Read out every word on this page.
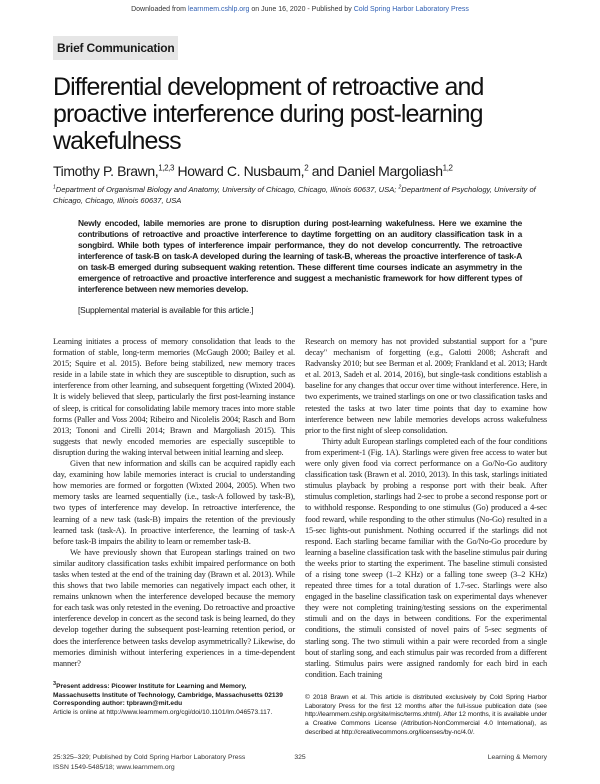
Downloaded from learnmem.cshlp.org on June 16, 2020 - Published by Cold Spring Harbor Laboratory Press
Brief Communication
Differential development of retroactive and proactive interference during post-learning wakefulness
Timothy P. Brawn,$^{1,2,3}$ Howard C. Nusbaum,$^2$ and Daniel Margoliash$^{1,2}$
$^1$Department of Organismal Biology and Anatomy, University of Chicago, Chicago, Illinois 60637, USA; $^2$Department of Psychology, University of Chicago, Chicago, Illinois 60637, USA
Newly encoded, labile memories are prone to disruption during post-learning wakefulness. Here we examine the contributions of retroactive and proactive interference to daytime forgetting on an auditory classification task in a songbird. While both types of interference impair performance, they do not develop concurrently. The retroactive interference of task-B on task-A developed during the learning of task-B, whereas the proactive interference of task-A on task-B emerged during subsequent waking retention. These different time courses indicate an asymmetry in the emergence of retroactive and proactive interference and suggest a mechanistic framework for how different types of interference between new memories develop.
[Supplemental material is available for this article.]

Learning initiates a process of memory consolidation that leads to the formation of stable, long-term memories (McGaugh 2000; Bailey et al. 2015; Squire et al. 2015). Before being stabilized, new memory traces reside in a labile state in which they are susceptible to disruption, such as interference from other learning, and subsequent forgetting (Wixted 2004). It is widely believed that sleep, particularly the first post-learning instance of sleep, is critical for consolidating labile memory traces into more stable forms (Paller and Voss 2004; Ribeiro and Nicolelis 2004; Rasch and Born 2013; Tononi and Cirelli 2014; Brawn and Margoliash 2015). This suggests that newly encoded memories are especially susceptible to disruption during the waking interval between initial learning and sleep.

Given that new information and skills can be acquired rapidly each day, examining how labile memories interact is crucial to understanding how memories are formed or forgotten (Wixted 2004, 2005). When two memory tasks are learned sequentially (i.e., task-A followed by task-B), two types of interference may develop. In retroactive interference, the learning of a new task (task-B) impairs the retention of the previously learned task (task-A). In proactive interference, the learning of task-A before task-B impairs the ability to learn or remember task-B.

We have previously shown that European starlings trained on two similar auditory classification tasks exhibit impaired performance on both tasks when tested at the end of the training day (Brawn et al. 2013). While this shows that two labile memories can negatively impact each other, it remains unknown when the interference developed because the memory for each task was only retested in the evening. Do retroactive and proactive interference develop in concert as the second task is being learned, do they develop together during the subsequent post-learning retention period, or does the interference between tasks develop asymmetrically? Likewise, do memories diminish without interfering experiences in a time-dependent manner?

$^3$Present address: Picower Institute for Learning and Memory, Massachusetts Institute of Technology, Cambridge, Massachusetts 02139
Corresponding author: tpbrawn@mit.edu
Article is online at http://www.learnmem.org/cgi/doi/10.1101/lm.046573.117.

Research on memory has not provided substantial support for a "pure decay" mechanism of forgetting (e.g., Galotti 2008; Ashcraft and Radvansky 2010; but see Berman et al. 2009; Frankland et al. 2013; Hardt et al. 2013, Sadeh et al. 2014, 2016), but single-task conditions establish a baseline for any changes that occur over time without interference. Here, in two experiments, we trained starlings on one or two classification tasks and retested the tasks at two later time points that day to examine how interference between new labile memories develops across wakefulness prior to the first night of sleep consolidation.

Thirty adult European starlings completed each of the four conditions from experiment-1 (Fig. 1A). Starlings were given free access to water but were only given food via correct performance on a Go/No-Go auditory classification task (Brawn et al. 2010, 2013). In this task, starlings initiated stimulus playback by probing a response port with their beak. After stimulus completion, starlings had 2-sec to probe a second response port or to withhold response. Responding to one stimulus (Go) produced a 4-sec food reward, while responding to the other stimulus (No-Go) resulted in a 15-sec lights-out punishment. Nothing occurred if the starlings did not respond. Each starling became familiar with the Go/No-Go procedure by learning a baseline classification task with the baseline stimulus pair during the weeks prior to starting the experiment. The baseline stimuli consisted of a rising tone sweep (1–2 KHz) or a falling tone sweep (3–2 KHz) repeated three times for a total duration of 1.7-sec. Starlings were also engaged in the baseline classification task on experimental days whenever they were not completing training/testing sessions on the experimental stimuli and on the days in between conditions. For the experimental conditions, the stimuli consisted of novel pairs of 5-sec segments of starling song. The two stimuli within a pair were recorded from a single bout of starling song, and each stimulus pair was recorded from a different starling. Stimulus pairs were assigned randomly for each bird in each condition. Each training

© 2018 Brawn et al. This article is distributed exclusively by Cold Spring Harbor Laboratory Press for the first 12 months after the full-issue publication date (see http://learnmem.cshlp.org/site/misc/terms.xhtml). After 12 months, it is available under a Creative Commons License (Attribution-NonCommercial 4.0 International), as described at http://creativecommons.org/licenses/by-nc/4.0/.
25:325–329; Published by Cold Spring Harbor Laboratory Press
ISSN 1549-5485/18; www.learnmem.org
325	Learning & Memory
